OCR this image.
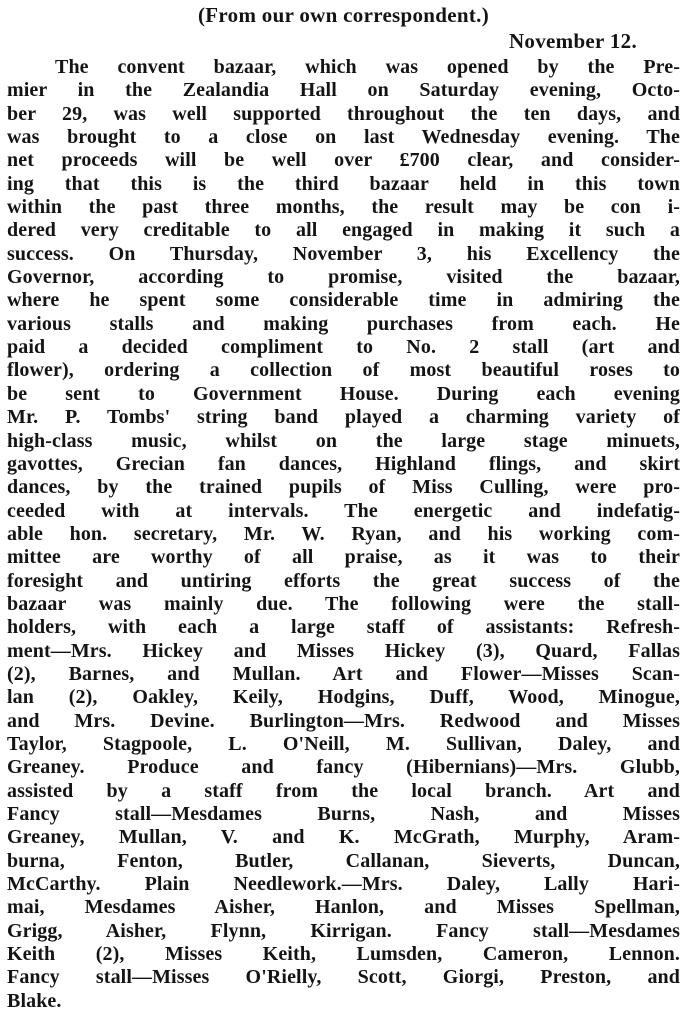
(From our own correspondent.)
November 12.
The convent bazaar, which was opened by the Pre-
mier in the Zealandia Hall on Saturday evening, Octo-
ber 29, was well supported throughout the ten days, and
was brought to a close on last Wednesday evening. The
net proceeds will be well over £700 clear, and consider-
ing that this is the third bazaar held in this town
within the past three months, the result may be con i-
dered very creditable to all engaged in making it such a
success. On Thursday, November 3, his Excellency the
Governor, according to promise, visited the bazaar,
where he spent some considerable time in admiring the
various stalls and making purchases from each. He
paid a decided compliment to No. 2 stall (art and
flower), ordering a collection of most beautiful roses to
be sent to Government House. During each evening
Mr. P. Tombs' string band played a charming variety of
high-class music, whilst on the large stage minuets,
gavottes, Grecian fan dances, Highland flings, and skirt
dances, by the trained pupils of Miss Culling, were pro-
ceeded with at intervals. The energetic and indefatig-
able hon. secretary, Mr. W. Ryan, and his working com-
mittee are worthy of all praise, as it was to their
foresight and untiring efforts the great success of the
bazaar was mainly due. The following were the stall-
holders, with each a large staff of assistants: Refresh-
ment—Mrs. Hickey and Misses Hickey (3), Quard, Fallas
(2), Barnes, and Mullan. Art and Flower—Misses Scan-
lan (2), Oakley, Keily, Hodgins, Duff, Wood, Minogue,
and Mrs. Devine. Burlington—Mrs. Redwood and Misses
Taylor, Stagpoole, L. O'Neill, M. Sullivan, Daley, and
Greaney. Produce and fancy (Hibernians)—Mrs. Glubb,
assisted by a staff from the local branch. Art and
Fancy stall—Mesdames Burns, Nash, and Misses
Greaney, Mullan, V. and K. McGrath, Murphy, Aram-
burna, Fenton, Butler, Callanan, Sieverts, Duncan,
McCarthy. Plain Needlework.—Mrs. Daley, Lally Hari-
mai, Mesdames Aisher, Hanlon, and Misses Spellman,
Grigg, Aisher, Flynn, Kirrigan. Fancy stall—Mesdames
Keith (2), Misses Keith, Lumsden, Cameron, Lennon.
Fancy stall—Misses O'Rielly, Scott, Giorgi, Preston, and
Blake.
